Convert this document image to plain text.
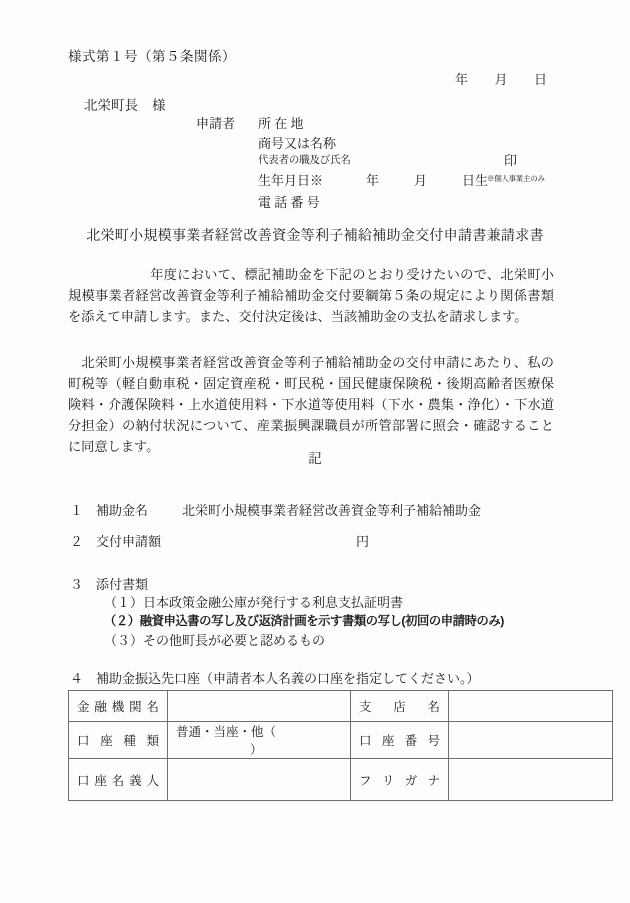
様式第１号（第５条関係）
年 月 日
北栄町長 様
申請者 所 在 地
商号又は名称
代表者の職及び氏名
生年月日※
電 話 番 号
印
年	月	日生
※個人事業主のみ
北栄町小規模事業者経営改善資金等利子補給補助金交付申請書兼請求書
年度において、標記補助金を下記のとおり受けたいので、北栄町小規模事業者経営改善資金等利子補給補助金交付要綱第５条の規定により関係書類を添えて申請します。また、交付決定後は、当該補助金の支払を請求します。
北栄町小規模事業者経営改善資金等利子補給補助金の交付申請にあたり、私の町税等（軽自動車税・固定資産税・町民税・国民健康保険税・後期高齢者医療保険料・介護保険料・上水道使用料・下水道等使用料（下水・農集・浄化）・下水道分担金）の納付状況について、産業振興課職員が所管部署に照会・確認することに同意します。
記
１ 補助金名	北栄町小規模事業者経営改善資金等利子補給補助金
２ 交付申請額	円
３ 添付書類
（１）日本政策金融公庫が発行する利息支払証明書
（２）融資申込書の写し及び返済計画を示す書類の写し(初回の申請時のみ)
（３）その他町長が必要と認めるもの
４ 補助金振込先口座（申請者本人名義の口座を指定してください。）
金融機関名		支 店 名	
口 座 種 類	普通・当座・他（）	口 座 番 号	
口座名義人		フ リ ガ ナ	
